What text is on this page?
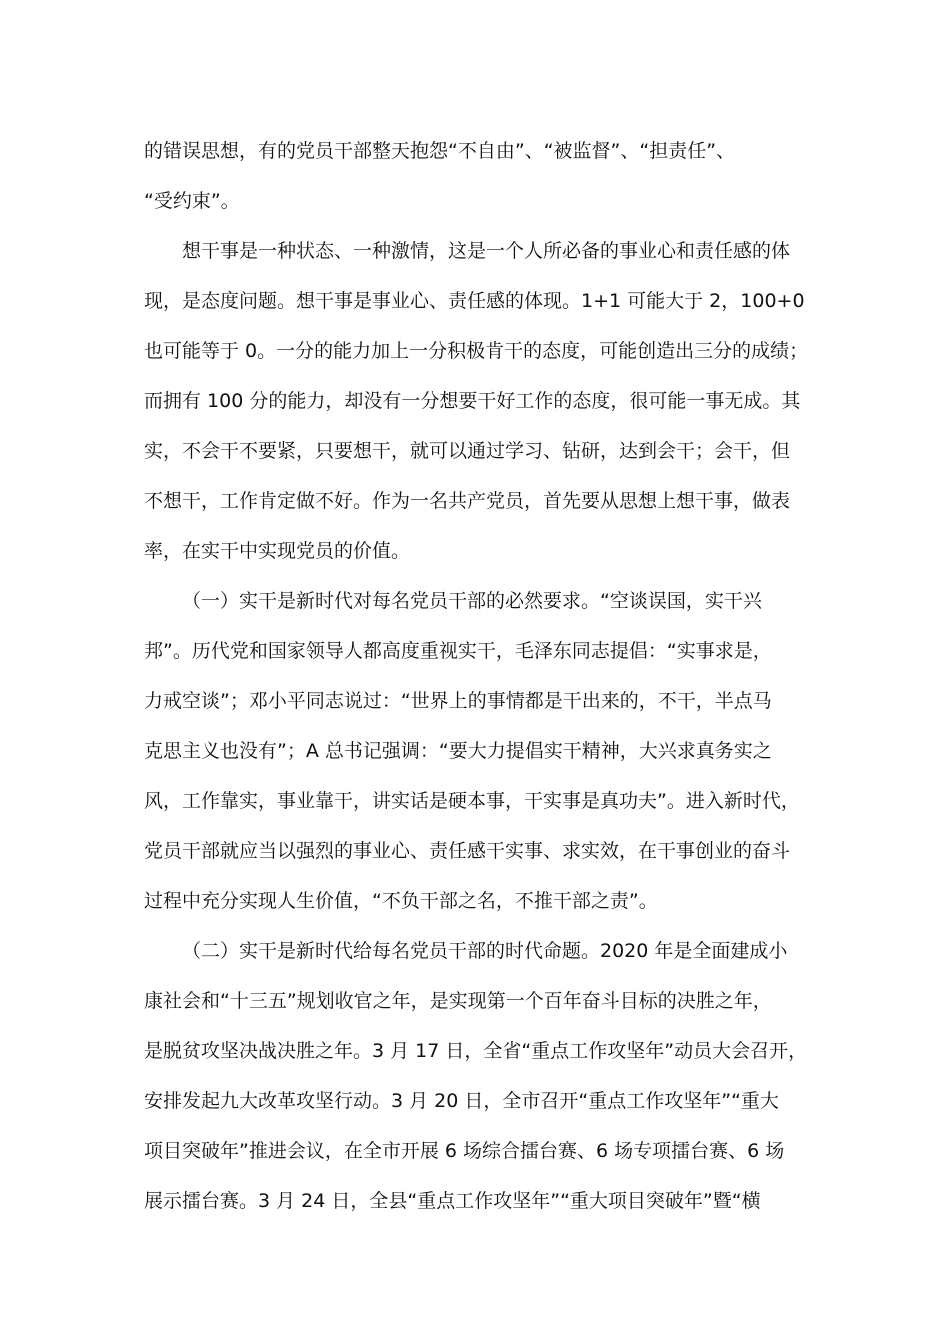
的错误思想，有的党员干部整天抱怨“不自由”、“被监督”、“担责任”、
“受约束”。
想干事是一种状态、一种激情，这是一个人所必备的事业心和责任感的体
现，是态度问题。想干事是事业心、责任感的体现。1+1 可能大于 2，100+0
也可能等于 0。一分的能力加上一分积极肯干的态度，可能创造出三分的成绩；
而拥有 100 分的能力，却没有一分想要干好工作的态度，很可能一事无成。其
实，不会干不要紧，只要想干，就可以通过学习、钻研，达到会干；会干，但
不想干，工作肯定做不好。作为一名共产党员，首先要从思想上想干事，做表
率，在实干中实现党员的价值。
（一）实干是新时代对每名党员干部的必然要求。“空谈误国，实干兴
邦”。历代党和国家领导人都高度重视实干，毛泽东同志提倡：“实事求是，
力戒空谈”；邓小平同志说过：“世界上的事情都是干出来的，不干，半点马
克思主义也没有”；A 总书记强调：“要大力提倡实干精神，大兴求真务实之
风，工作靠实，事业靠干，讲实话是硬本事，干实事是真功夫”。进入新时代，
党员干部就应当以强烈的事业心、责任感干实事、求实效，在干事创业的奋斗
过程中充分实现人生价值，“不负干部之名，不推干部之责”。
（二）实干是新时代给每名党员干部的时代命题。2020 年是全面建成小
康社会和“十三五”规划收官之年，是实现第一个百年奋斗目标的决胜之年，
是脱贫攻坚决战决胜之年。3 月 17 日，全省“重点工作攻坚年”动员大会召开，
安排发起九大改革攻坚行动。3 月 20 日，全市召开“重点工作攻坚年”“重大
项目突破年”推进会议，在全市开展 6 场综合擂台赛、6 场专项擂台赛、6 场
展示擂台赛。3 月 24 日，全县“重点工作攻坚年”“重大项目突破年”暨“横
